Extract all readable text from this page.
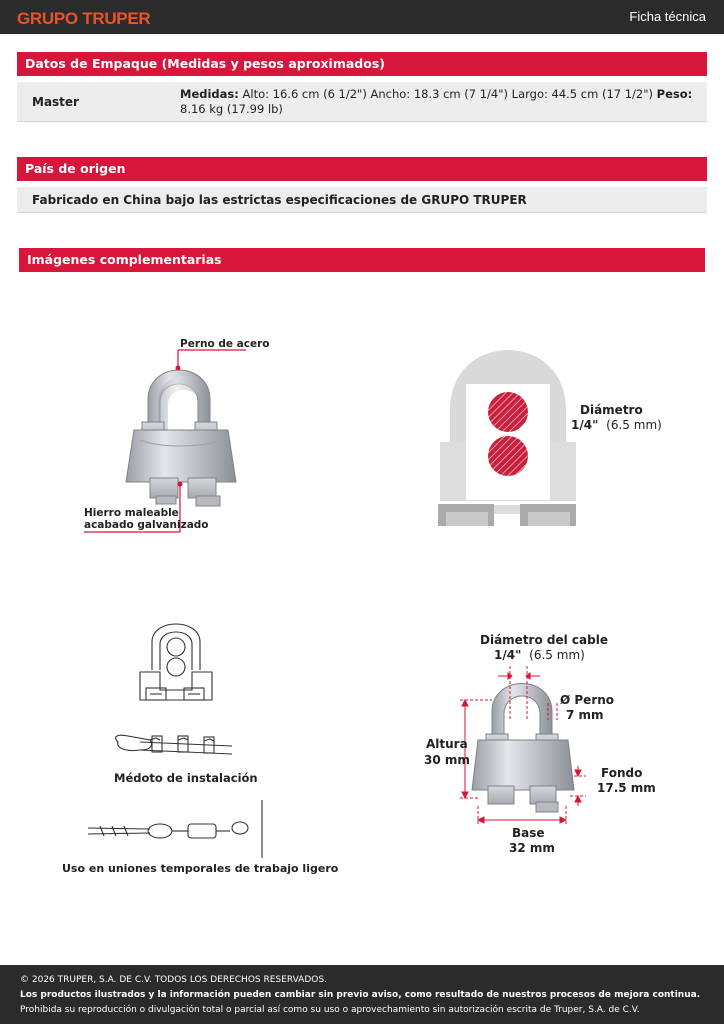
GRUPO TRUPER	Ficha técnica
Datos de Empaque (Medidas y pesos aproximados)
Master
Medidas: Alto: 16.6 cm (6 1/2") Ancho: 18.3 cm (7 1/4") Largo: 44.5 cm (17 1/2") Peso: 8.16 kg (17.99 lb)
País de origen
Fabricado en China bajo las estrictas especificaciones de GRUPO TRUPER
Imágenes complementarias
Perno de acero
Hierro maleable
acabado galvanizado
Diámetro
1/4" (6.5 mm)
Médoto de instalación
Uso en uniones temporales de trabajo ligero
Diámetro del cable
1/4" (6.5 mm)
Ø Perno
7 mm
Altura
30 mm
Fondo
17.5 mm
Base
32 mm

© 2026 TRUPER, S.A. DE C.V. TODOS LOS DERECHOS RESERVADOS.

Los productos ilustrados y la información pueden cambiar sin previo aviso, como resultado de nuestros procesos de mejora continua.

Prohibida su reproducción o divulgación total o parcial así como su uso o aprovechamiento sin autorización escrita de Truper, S.A. de C.V.
